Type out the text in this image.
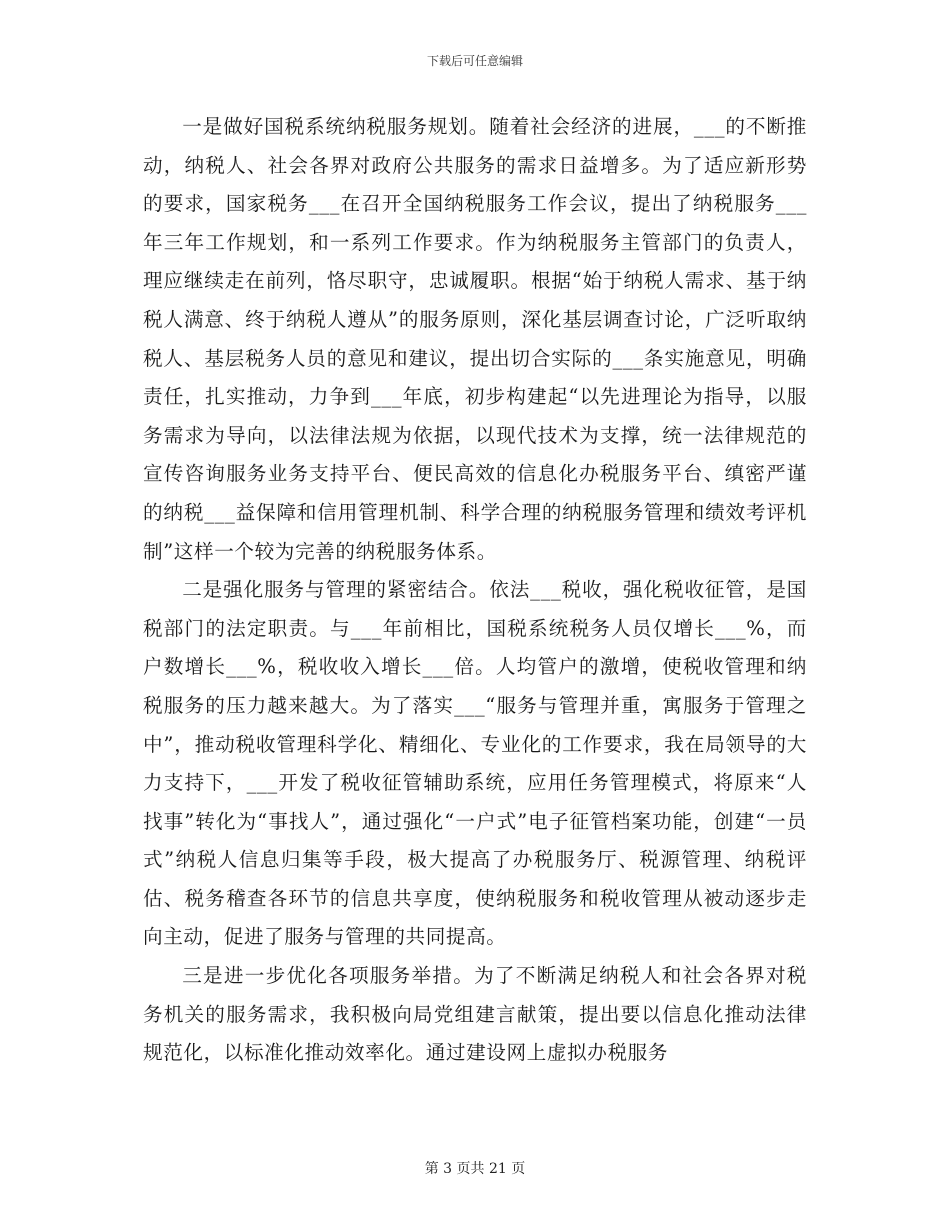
下载后可任意编辑

一是做好国税系统纳税服务规划。随着社会经济的进展，___的不断推动，纳税人、社会各界对政府公共服务的需求日益增多。为了适应新形势的要求，国家税务___在召开全国纳税服务工作会议，提出了纳税服务___年三年工作规划，和一系列工作要求。作为纳税服务主管部门的负责人，理应继续走在前列，恪尽职守，忠诚履职。根据“始于纳税人需求、基于纳税人满意、终于纳税人遵从”的服务原则，深化基层调查讨论，广泛听取纳税人、基层税务人员的意见和建议，提出切合实际的___条实施意见，明确责任，扎实推动，力争到___年底，初步构建起“以先进理论为指导，以服务需求为导向，以法律法规为依据，以现代技术为支撑，统一法律规范的宣传咨询服务业务支持平台、便民高效的信息化办税服务平台、缜密严谨的纳税___益保障和信用管理机制、科学合理的纳税服务管理和绩效考评机制”这样一个较为完善的纳税服务体系。

二是强化服务与管理的紧密结合。依法___税收，强化税收征管，是国税部门的法定职责。与___年前相比，国税系统税务人员仅增长___%，而户数增长___%，税收收入增长___倍。人均管户的激增，使税收管理和纳税服务的压力越来越大。为了落实___“服务与管理并重，寓服务于管理之中”，推动税收管理科学化、精细化、专业化的工作要求，我在局领导的大力支持下，___开发了税收征管辅助系统，应用任务管理模式，将原来“人找事”转化为“事找人”，通过强化“一户式”电子征管档案功能，创建“一员式”纳税人信息归集等手段，极大提高了办税服务厅、税源管理、纳税评估、税务稽查各环节的信息共享度，使纳税服务和税收管理从被动逐步走向主动，促进了服务与管理的共同提高。

三是进一步优化各项服务举措。为了不断满足纳税人和社会各界对税务机关的服务需求，我积极向局党组建言献策，提出要以信息化推动法律规范化，以标准化推动效率化。通过建设网上虚拟办税服务

第 3 页共 21 页
